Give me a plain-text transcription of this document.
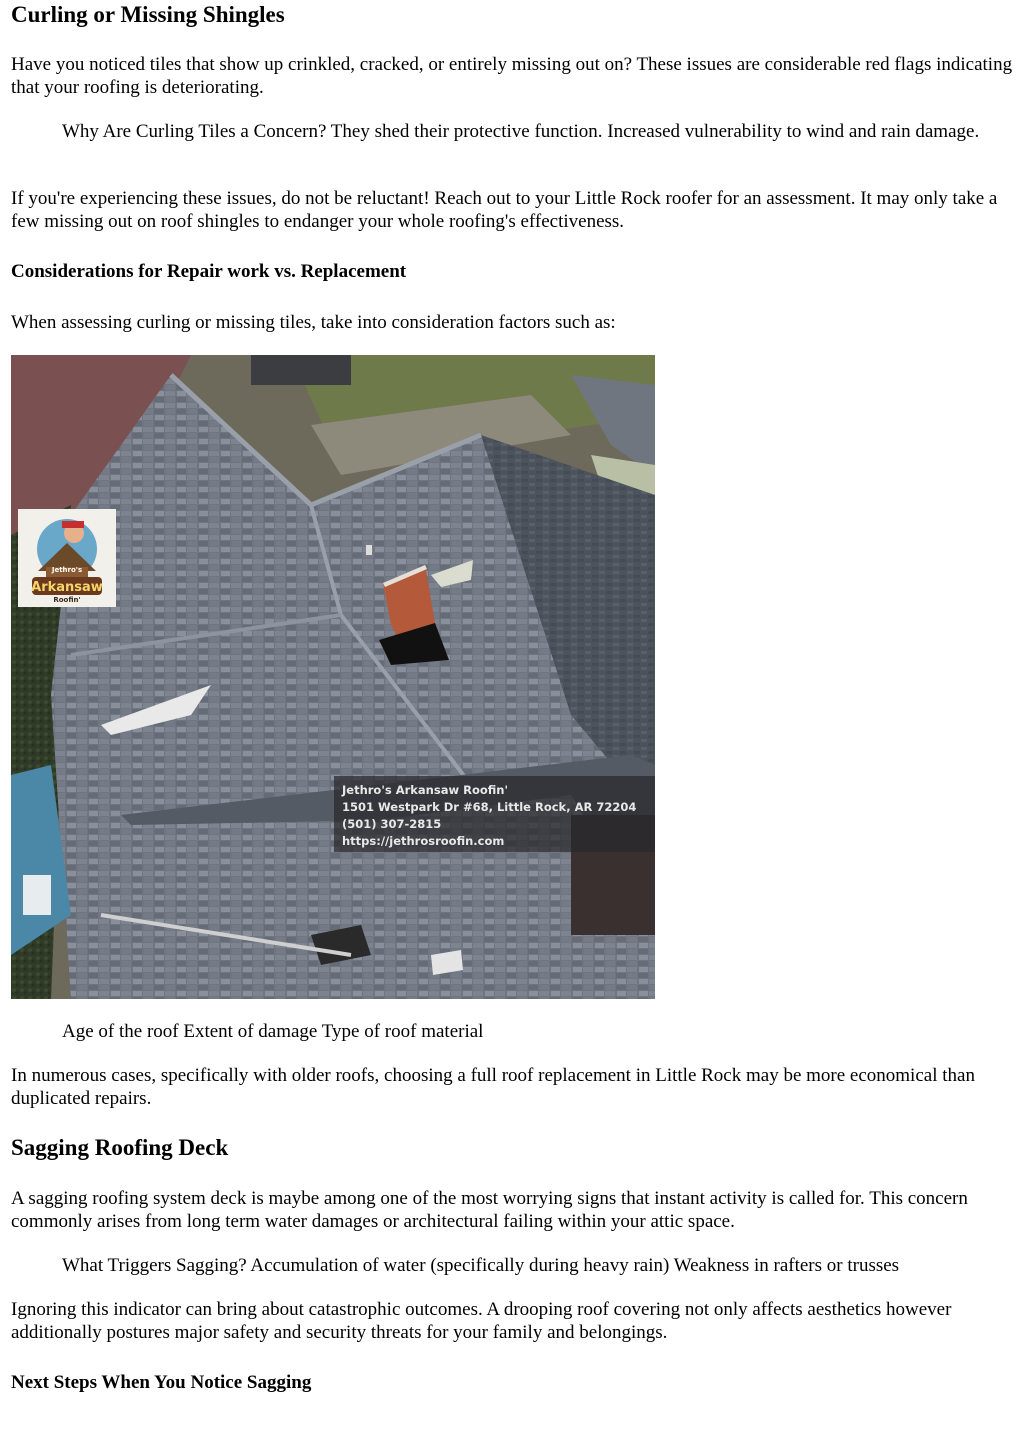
Curling or Missing Shingles

Have you noticed tiles that show up crinkled, cracked, or entirely missing out on? These issues are considerable red flags indicating that your roofing is deteriorating.

Why Are Curling Tiles a Concern? They shed their protective function. Increased vulnerability to wind and rain damage.

If you're experiencing these issues, do not be reluctant! Reach out to your Little Rock roofer for an assessment. It may only take a few missing out on roof shingles to endanger your whole roofing's effectiveness.

Considerations for Repair work vs. Replacement

When assessing curling or missing tiles, take into consideration factors such as:

Arkansaw
Jethro's
Roofin'
Jethro's Arkansaw Roofin'
1501 Westpark Dr #68, Little Rock, AR 72204
(501) 307-2815
https://jethrosroofin.com
Age of the roof Extent of damage Type of roof material

In numerous cases, specifically with older roofs, choosing a full roof replacement in Little Rock may be more economical than duplicated repairs.

Sagging Roofing Deck

A sagging roofing system deck is maybe among one of the most worrying signs that instant activity is called for. This concern commonly arises from long term water damages or architectural failing within your attic space.

What Triggers Sagging? Accumulation of water (specifically during heavy rain) Weakness in rafters or trusses

Ignoring this indicator can bring about catastrophic outcomes. A drooping roof covering not only affects aesthetics however additionally postures major safety and security threats for your family and belongings.

Next Steps When You Notice Sagging
